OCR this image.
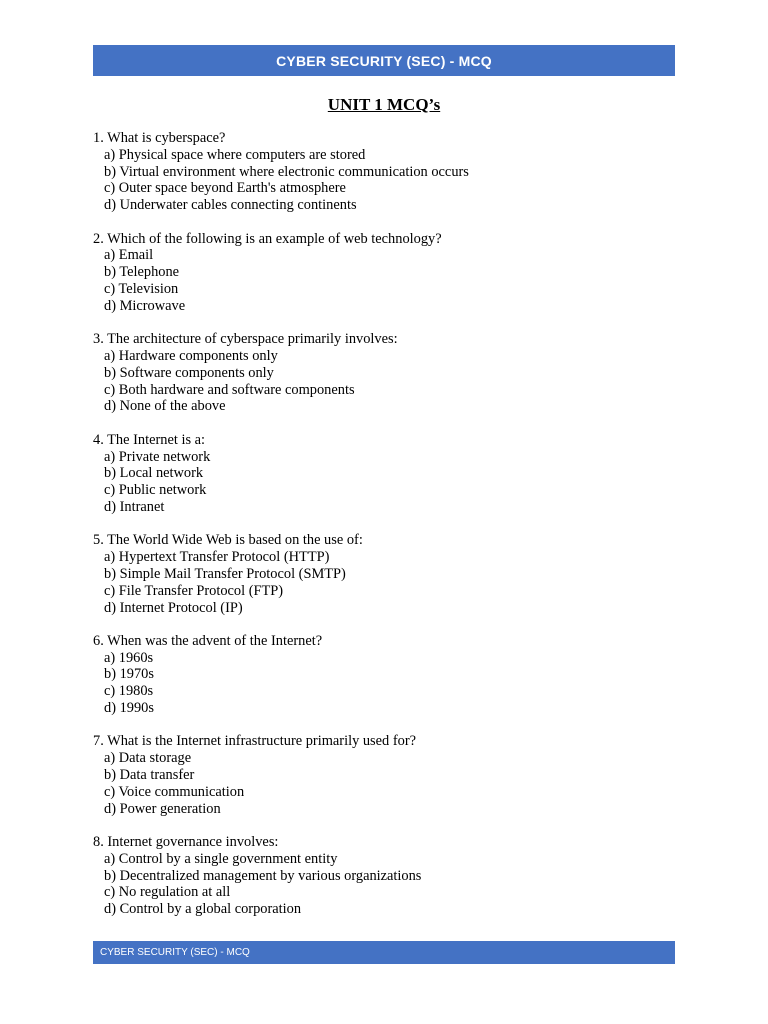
CYBER SECURITY (SEC) - MCQ
UNIT 1 MCQ’s
1. What is cyberspace?
a) Physical space where computers are stored
b) Virtual environment where electronic communication occurs
c) Outer space beyond Earth's atmosphere
d) Underwater cables connecting continents
2. Which of the following is an example of web technology?
a) Email
b) Telephone
c) Television
d) Microwave
3. The architecture of cyberspace primarily involves:
a) Hardware components only
b) Software components only
c) Both hardware and software components
d) None of the above
4. The Internet is a:
a) Private network
b) Local network
c) Public network
d) Intranet
5. The World Wide Web is based on the use of:
a) Hypertext Transfer Protocol (HTTP)
b) Simple Mail Transfer Protocol (SMTP)
c) File Transfer Protocol (FTP)
d) Internet Protocol (IP)
6. When was the advent of the Internet?
a) 1960s
b) 1970s
c) 1980s
d) 1990s
7. What is the Internet infrastructure primarily used for?
a) Data storage
b) Data transfer
c) Voice communication
d) Power generation
8. Internet governance involves:
a) Control by a single government entity
b) Decentralized management by various organizations
c) No regulation at all
d) Control by a global corporation
CYBER SECURITY (SEC) - MCQ
